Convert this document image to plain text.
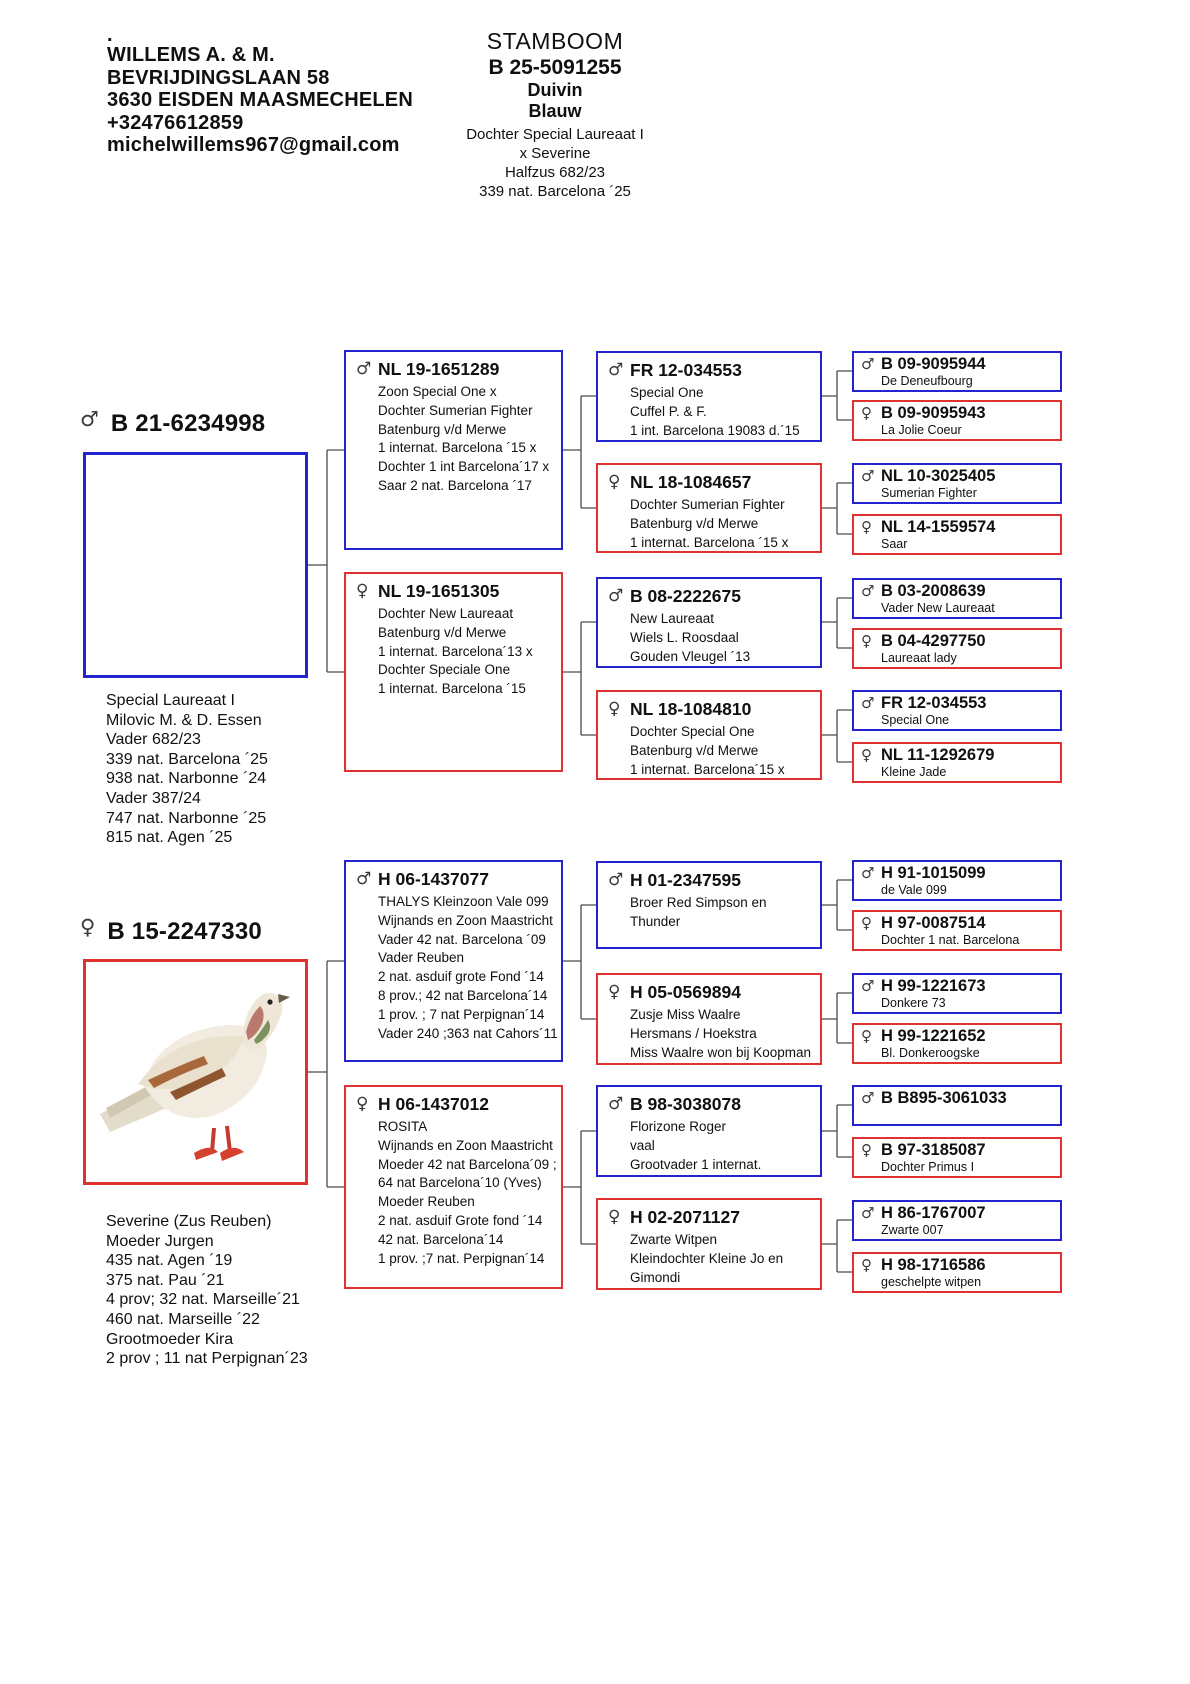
.
WILLEMS A. & M.
BEVRIJDINGSLAAN 58
3630 EISDEN MAASMECHELEN
+32476612859
michelwillems967@gmail.com
STAMBOOM
B 25-5091255
Duivin
Blauw
Dochter Special Laureaat I
x Severine
Halfzus 682/23
339 nat. Barcelona ´25
♂ B 21-6234998
Special Laureaat I
Milovic M. & D. Essen
Vader 682/23
339 nat. Barcelona ´25
938 nat. Narbonne ´24
Vader 387/24
747 nat. Narbonne ´25
815 nat. Agen ´25
♀ B 15-2247330
Severine (Zus Reuben)
Moeder Jurgen
435 nat. Agen ´19
375 nat. Pau ´21
4 prov; 32 nat. Marseille´21
460 nat. Marseille ´22
Grootmoeder Kira
2 prov ; 11 nat Perpignan´23
♂ NL 19-1651289
Zoon Special One x
Dochter Sumerian Fighter
Batenburg v/d Merwe
1 internat. Barcelona ´15 x
Dochter 1 int Barcelona´17 x
Saar 2 nat. Barcelona ´17
♀ NL 19-1651305
Dochter New Laureaat
Batenburg v/d Merwe
1 internat. Barcelona´13 x
Dochter Speciale One
1 internat. Barcelona ´15
♂ H 06-1437077
THALYS Kleinzoon Vale 099
Wijnands en Zoon Maastricht
Vader 42 nat. Barcelona ´09
Vader Reuben
2 nat. asduif grote Fond ´14
8 prov.; 42 nat Barcelona´14
1 prov. ; 7 nat Perpignan´14
Vader 240 ;363 nat Cahors´11
♀ H 06-1437012
ROSITA
Wijnands en Zoon Maastricht
Moeder 42 nat Barcelona´09 ;
64 nat Barcelona´10 (Yves)
Moeder Reuben
2 nat. asduif Grote fond ´14
42 nat. Barcelona´14
1 prov. ;7 nat. Perpignan´14
♂ FR 12-034553
Special One
Cuffel P. & F.
1 int. Barcelona 19083 d.´15
♀ NL 18-1084657
Dochter Sumerian Fighter
Batenburg v/d Merwe
1 internat. Barcelona ´15 x
♂ B 08-2222675
New Laureaat
Wiels L. Roosdaal
Gouden Vleugel ´13
♀ NL 18-1084810
Dochter Special One
Batenburg v/d Merwe
1 internat. Barcelona´15 x
♂ H 01-2347595
Broer Red Simpson en
Thunder
♀ H 05-0569894
Zusje Miss Waalre
Hersmans / Hoekstra
Miss Waalre won bij Koopman
♂ B 98-3038078
Florizone Roger
vaal
Grootvader 1 internat.
♀ H 02-2071127
Zwarte Witpen
Kleindochter Kleine Jo en
Gimondi
♂ B 09-9095944
De Deneufbourg
♀ B 09-9095943
La Jolie Coeur
♂ NL 10-3025405
Sumerian Fighter
♀ NL 14-1559574
Saar
♂ B 03-2008639
Vader New Laureaat
♀ B 04-4297750
Laureaat lady
♂ FR 12-034553
Special One
♀ NL 11-1292679
Kleine Jade
♂ H 91-1015099
de Vale 099
♀ H 97-0087514
Dochter 1 nat. Barcelona
♂ H 99-1221673
Donkere 73
♀ H 99-1221652
Bl. Donkeroogske
♂ B B895-3061033
♀ B 97-3185087
Dochter Primus I
♂ H 86-1767007
Zwarte 007
♀ H 98-1716586
geschelpte witpen
